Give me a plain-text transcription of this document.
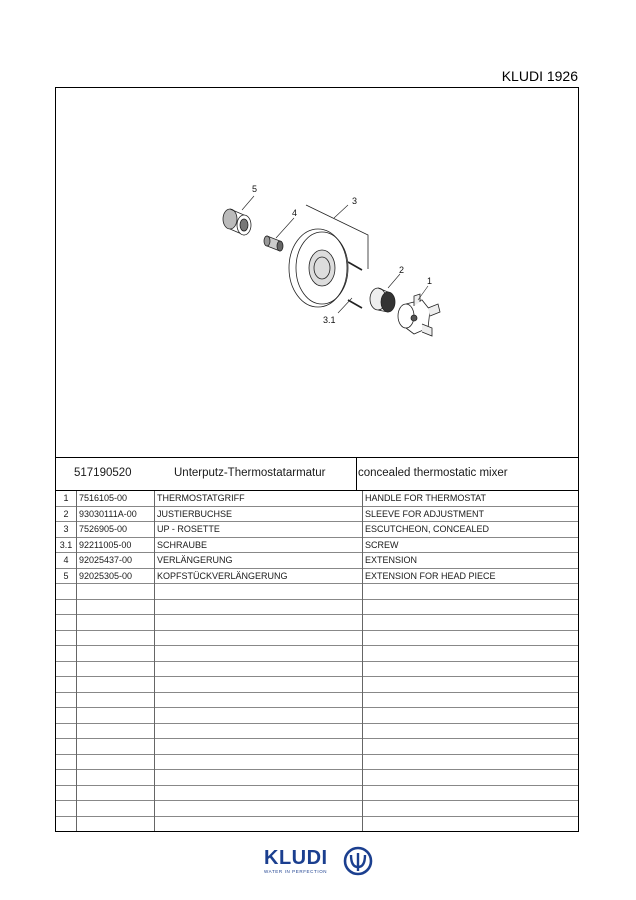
KLUDI 1926
5
4
3
2
1
3.1
517190520	Unterputz-Thermostatarmatur	concealed thermostatic mixer
1	7516105-00	THERMOSTATGRIFF	HANDLE FOR THERMOSTAT
2	93030111A-00 JUSTIERBUCHSE	SLEEVE FOR ADJUSTMENT
3	7526905-00	UP - ROSETTE	ESCUTCHEON, CONCEALED
3.1 92211005-00	SCHRAUBE	SCREW
4	92025437-00	VERLÄNGERUNG	EXTENSION
5	92025305-00	KOPFSTÜCKVERLÄNGERUNG	EXTENSION FOR HEAD PIECE
KLUDI
WATER IN PERFECTION
